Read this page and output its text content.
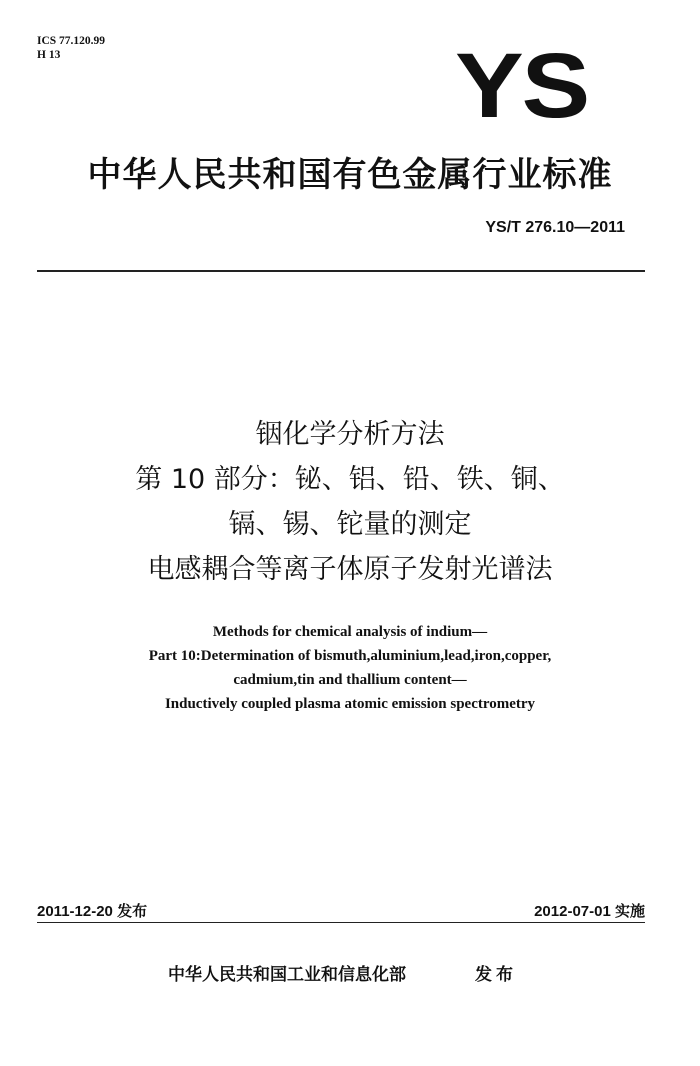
ICS 77.120.99
H 13	YS
中华人民共和国有色金属行业标准
YS/T 276.10—2011
铟化学分析方法
第 10 部分：铋、铝、铅、铁、铜、
镉、锡、铊量的测定
电感耦合等离子体原子发射光谱法
Methods for chemical analysis of indium—
Part 10:Determination of bismuth,aluminium,lead,iron,copper,
cadmium,tin and thallium content—
Inductively coupled plasma atomic emission spectrometry
2011-12-20 发布	2012-07-01 实施
中华人民共和国工业和信息化部	发布
